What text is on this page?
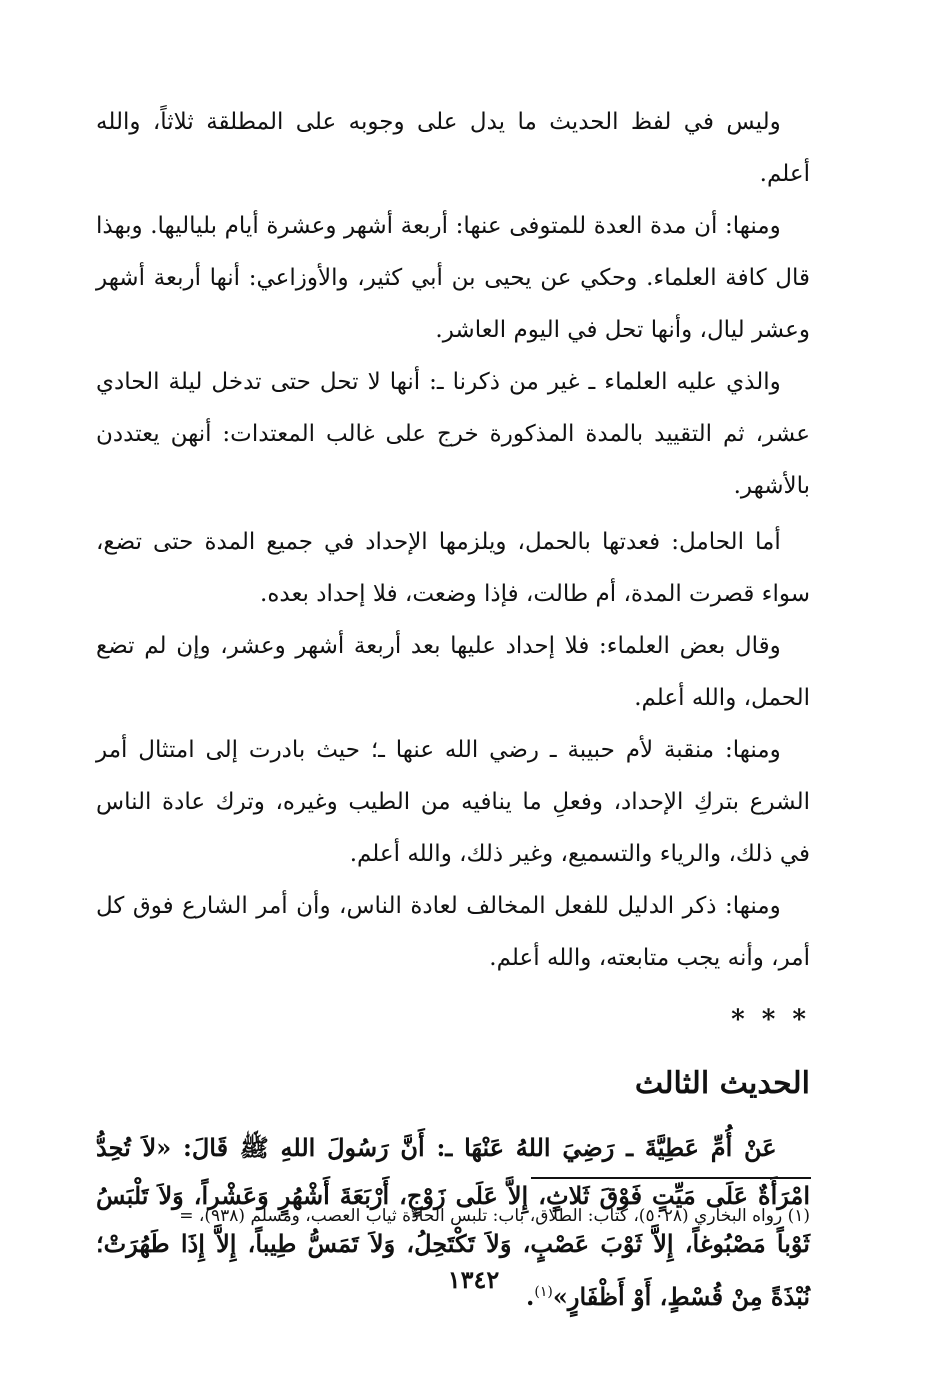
وليس في لفظ الحديث ما يدل على وجوبه على المطلقة ثلاثاً، والله أعلم.

ومنها: أن مدة العدة للمتوفى عنها: أربعة أشهر وعشرة أيام بلياليها. وبهذا قال كافة العلماء. وحكي عن يحيى بن أبي كثير، والأوزاعي: أنها أربعة أشهر وعشر ليال، وأنها تحل في اليوم العاشر.

والذي عليه العلماء ـ غير من ذكرنا ـ: أنها لا تحل حتى تدخل ليلة الحادي عشر، ثم التقييد بالمدة المذكورة خرج على غالب المعتدات: أنهن يعتددن بالأشهر.

أما الحامل: فعدتها بالحمل، ويلزمها الإحداد في جميع المدة حتى تضع، سواء قصرت المدة، أم طالت، فإذا وضعت، فلا إحداد بعده.

وقال بعض العلماء: فلا إحداد عليها بعد أربعة أشهر وعشر، وإن لم تضع الحمل، والله أعلم.

ومنها: منقبة لأم حبيبة ـ رضي الله عنها ـ؛ حيث بادرت إلى امتثال أمر الشرع بتركِ الإحداد، وفعلِ ما ينافيه من الطيب وغيره، وترك عادة الناس في ذلك، والرياء والتسميع، وغير ذلك، والله أعلم.

ومنها: ذكر الدليل للفعل المخالف لعادة الناس، وأن أمر الشارع فوق كل أمر، وأنه يجب متابعته، والله أعلم.

* * *
الحديث الثالث

عَنْ أُمِّ عَطِيَّةَ ـ رَضِيَ اللهُ عَنْهَا ـ: أَنَّ رَسُولَ اللهِ ﷺ قَالَ: «لاَ تُحِدُّ امْرَأَةٌ عَلَى مَيِّتٍ فَوْقَ ثَلاثٍ، إِلاَّ عَلَى زَوْجٍ، أَرْبَعَةَ أَشْهُرٍ وَعَشْراً، وَلاَ تَلْبَسُ ثَوْباً مَصْبُوغاً، إِلاَّ ثَوْبَ عَصْبٍ، وَلاَ تَكْتَحِلُ، وَلاَ تَمَسُّ طِيباً، إِلاَّ إِذَا طَهُرَتْ؛ نُبْذَةً مِنْ قُسْطٍ، أَوْ أَظْفَارٍ»$^{(١)}$.

(١) رواه البخاري (٥٠٢٨)، كتاب: الطلاق، باب: تلبس الحادّة ثياب العصب، ومسلم (٩٣٨)، =
١٣٤٢
